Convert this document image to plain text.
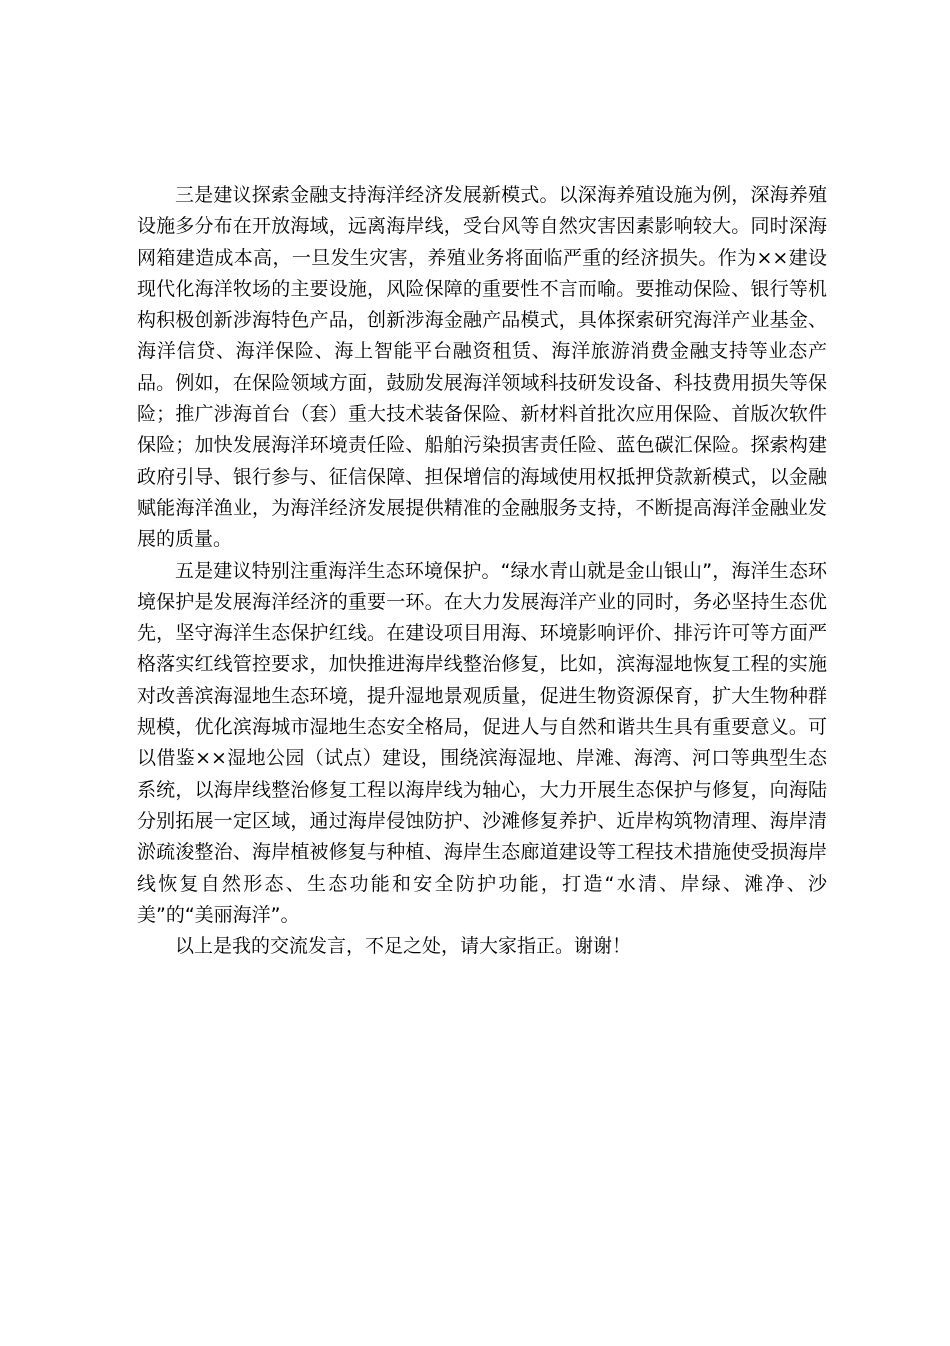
三是建议探索金融支持海洋经济发展新模式。以深海养殖设施为例，深海养殖设施多分布在开放海域，远离海岸线，受台风等自然灾害因素影响较大。同时深海网箱建造成本高，一旦发生灾害，养殖业务将面临严重的经济损失。作为××建设现代化海洋牧场的主要设施，风险保障的重要性不言而喻。要推动保险、银行等机构积极创新涉海特色产品，创新涉海金融产品模式，具体探索研究海洋产业基金、海洋信贷、海洋保险、海上智能平台融资租赁、海洋旅游消费金融支持等业态产品。例如，在保险领域方面，鼓励发展海洋领域科技研发设备、科技费用损失等保险；推广涉海首台（套）重大技术装备保险、新材料首批次应用保险、首版次软件保险；加快发展海洋环境责任险、船舶污染损害责任险、蓝色碳汇保险。探索构建政府引导、银行参与、征信保障、担保增信的海域使用权抵押贷款新模式，以金融赋能海洋渔业，为海洋经济发展提供精准的金融服务支持，不断提高海洋金融业发展的质量。

五是建议特别注重海洋生态环境保护。“绿水青山就是金山银山”，海洋生态环境保护是发展海洋经济的重要一环。在大力发展海洋产业的同时，务必坚持生态优先，坚守海洋生态保护红线。在建设项目用海、环境影响评价、排污许可等方面严格落实红线管控要求，加快推进海岸线整治修复，比如，滨海湿地恢复工程的实施对改善滨海湿地生态环境，提升湿地景观质量，促进生物资源保育，扩大生物种群规模，优化滨海城市湿地生态安全格局，促进人与自然和谐共生具有重要意义。可以借鉴××湿地公园（试点）建设，围绕滨海湿地、岸滩、海湾、河口等典型生态系统，以海岸线整治修复工程以海岸线为轴心，大力开展生态保护与修复，向海陆分别拓展一定区域，通过海岸侵蚀防护、沙滩修复养护、近岸构筑物清理、海岸清淤疏浚整治、海岸植被修复与种植、海岸生态廊道建设等工程技术措施使受损海岸线恢复自然形态、生态功能和安全防护功能，打造“水清、岸绿、滩净、沙美”的“美丽海洋”。

以上是我的交流发言，不足之处，请大家指正。谢谢！
